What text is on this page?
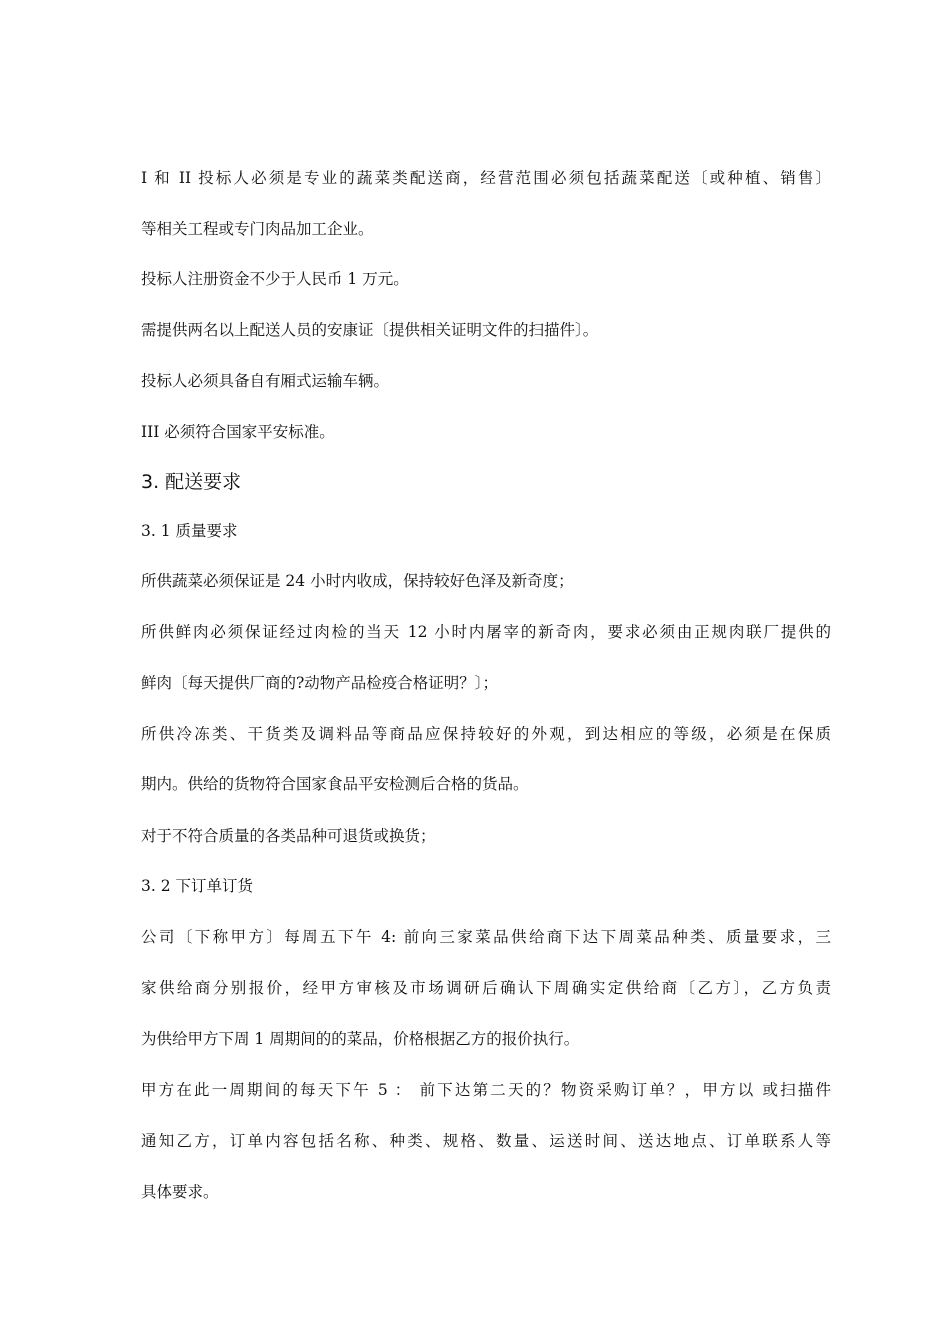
I 和 II 投标人必须是专业的蔬菜类配送商，经营范围必须包括蔬菜配送〔或种植、销售〕
等相关工程或专门肉品加工企业。
投标人注册资金不少于人民币 1 万元。
需提供两名以上配送人员的安康证〔提供相关证明文件的扫描件〕。
投标人必须具备自有厢式运输车辆。
III 必须符合国家平安标准。
3. 配送要求
3. 1 质量要求
所供蔬菜必须保证是 24 小时内收成，保持较好色泽及新奇度；
所供鲜肉必须保证经过肉检的当天 12 小时内屠宰的新奇肉，要求必须由正规肉联厂提供的
鲜肉〔每天提供厂商的?动物产品检疫合格证明？〕；
所供冷冻类、干货类及调料品等商品应保持较好的外观，到达相应的等级，必须是在保质
期内。供给的货物符合国家食品平安检测后合格的货品。
对于不符合质量的各类品种可退货或换货；
3. 2 下订单订货
公司〔下称甲方〕每周五下午 4: 前向三家菜品供给商下达下周菜品种类、质量要求，三
家供给商分别报价，经甲方审核及市场调研后确认下周确实定供给商〔乙方〕，乙方负责
为供给甲方下周 1 周期间的的菜品，价格根据乙方的报价执行。
甲方在此一周期间的每天下午 5 ： 前下达第二天的？物资采购订单？，甲方以 或扫描件
通知乙方，订单内容包括名称、种类、规格、数量、运送时间、送达地点、订单联系人等
具体要求。
